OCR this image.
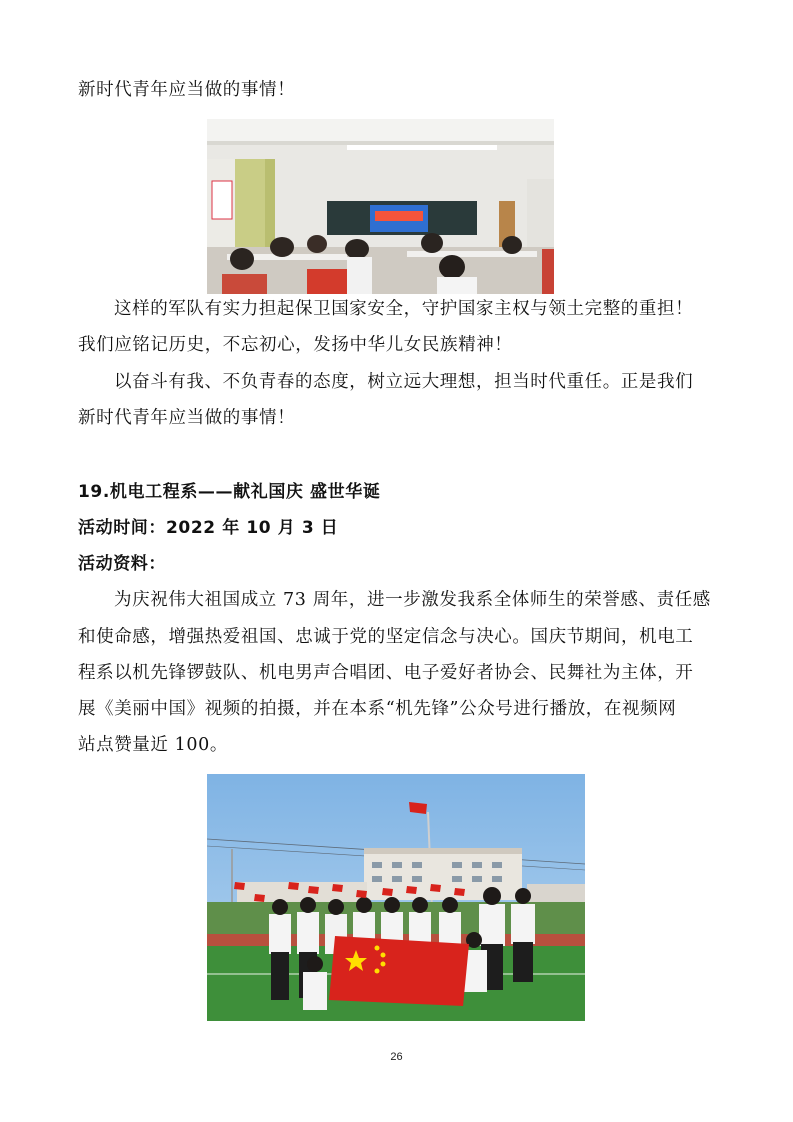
新时代青年应当做的事情！
这样的军队有实力担起保卫国家安全，守护国家主权与领土完整的重担！
我们应铭记历史，不忘初心，发扬中华儿女民族精神！
以奋斗有我、不负青春的态度，树立远大理想，担当时代重任。正是我们
新时代青年应当做的事情！
19.机电工程系——献礼国庆 盛世华诞
活动时间：2022 年 10 月 3 日
活动资料：
为庆祝伟大祖国成立 73 周年，进一步激发我系全体师生的荣誉感、责任感
和使命感，增强热爱祖国、忠诚于党的坚定信念与决心。国庆节期间，机电工
程系以机先锋锣鼓队、机电男声合唱团、电子爱好者协会、民舞社为主体，开
展《美丽中国》视频的拍摄，并在本系“机先锋”公众号进行播放，在视频网
站点赞量近 100。
26
